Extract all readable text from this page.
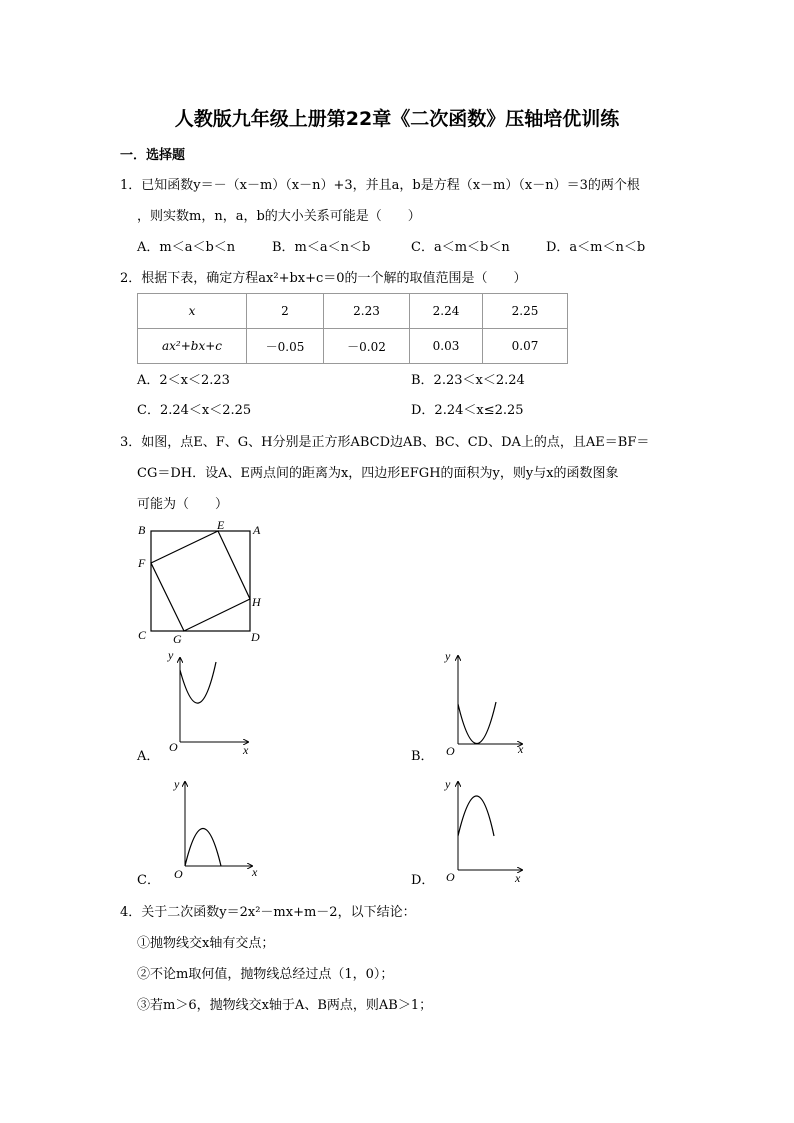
人教版九年级上册第22章《二次函数》压轴培优训练
一．选择题
1．已知函数y＝－（x－m）（x－n）+3，并且a，b是方程（x－m）（x－n）＝3的两个根
，则实数m，n，a，b的大小关系可能是（　　）
A．m＜a＜b＜n	B．m＜a＜n＜b	C．a＜m＜b＜n	D．a＜m＜n＜b
2．根据下表，确定方程ax²+bx+c＝0的一个解的取值范围是（　　）
x	2	2.23	2.24	2.25
ax²+bx+c	－0.05	－0.02	0.03	0.07
A．2＜x＜2.23	B．2.23＜x＜2.24
C．2.24＜x＜2.25	D．2.24＜x≤2.25
3．如图，点E、F、G、H分别是正方形ABCD边AB、BC、CD、DA上的点，且AE＝BF＝
CG＝DH．设A、E两点间的距离为x，四边形EFGH的面积为y，则y与x的函数图象
可能为（　　）
B	E A
F
H
C G	D
y
x
O
A．
y
x
O
B．
y
x
O
C．
y
x
O
D．
4．关于二次函数y＝2x²－mx+m－2，以下结论：
①抛物线交x轴有交点；
②不论m取何值，抛物线总经过点（1，0）；
③若m＞6，抛物线交x轴于A、B两点，则AB＞1；
